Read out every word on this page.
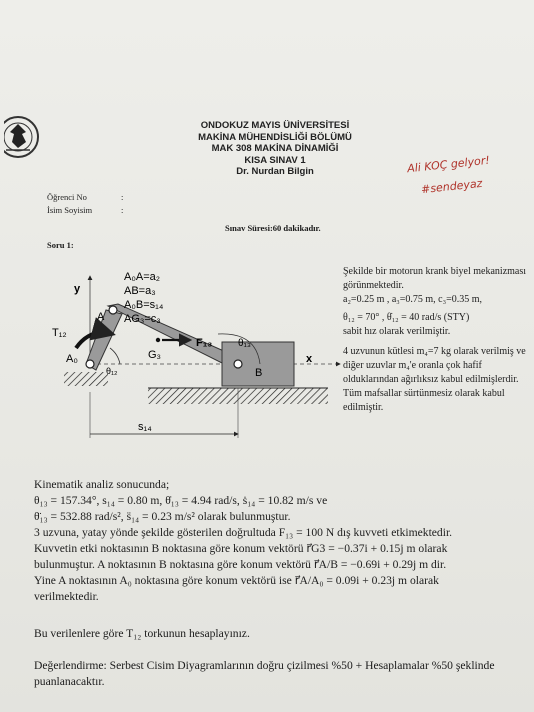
ONDOKUZ MAYIS ÜNİVERSİTESİ
MAKİNA MÜHENDİSLİĞİ BÖLÜMÜ
MAK 308 MAKİNA DİNAMİĞİ
KISA SINAV 1
Dr. Nurdan Bilgin	Ali KOÇ gelyor!
#sendeyaz
Öğrenci No	:
İsim Soyisim	:
Sınav Süresi:60 dakikadır.
Soru 1:
y
x
B
T₁₂
A
A₀
θ₁₂
θ₁₃
F₁₃
G₃
A₀A=a₂
AB=a₃
A₀B=s₁₄
AG₃=c₃
s₁₄

Şekilde bir motorun krank biyel mekanizması görünmektedir.

a₂=0.25 m , a₃=0.75 m, c₃=0.35 m,

θ₁₂ = 70° , θ̇₁₂ = 40 rad/s (STY)

sabit hız olarak verilmiştir.

4 uzvunun kütlesi m₄=7 kg olarak verilmiş ve diğer uzuvlar m₄'e oranla çok hafif olduklarından ağırlıksız kabul edilmişlerdir. Tüm mafsallar sürtünmesiz olarak kabul edilmiştir.

Kinematik analiz sonucunda;
θ₁₃ = 157.34°, s₁₄ = 0.80 m, θ̇₁₃ = 4.94 rad/s, ṡ₁₄ = 10.82 m/s ve
θ̈₁₃ = 532.88 rad/s², s̈₁₄ = 0.23 m/s² olarak bulunmuştur.
3 uzvuna, yatay yönde şekilde gösterilen doğrultuda F₁₃ = 100 N dış kuvveti etkimektedir.
Kuvvetin etki noktasının B noktasına göre konum vektörü r⃗G3 = −0.37i + 0.15j m olarak
bulunmuştur. A noktasının B noktasına göre konum vektörü r⃗A/B = −0.69i + 0.29j m dir.
Yine A noktasının A₀ noktasına göre konum vektörü ise r⃗A/A₀ = 0.09i + 0.23j m olarak
verilmektedir.
Bu verilenlere göre T₁₂ torkunun hesaplayınız.
Değerlendirme: Serbest Cisim Diyagramlarının doğru çizilmesi %50 + Hesaplamalar %50 şeklinde puanlanacaktır.
